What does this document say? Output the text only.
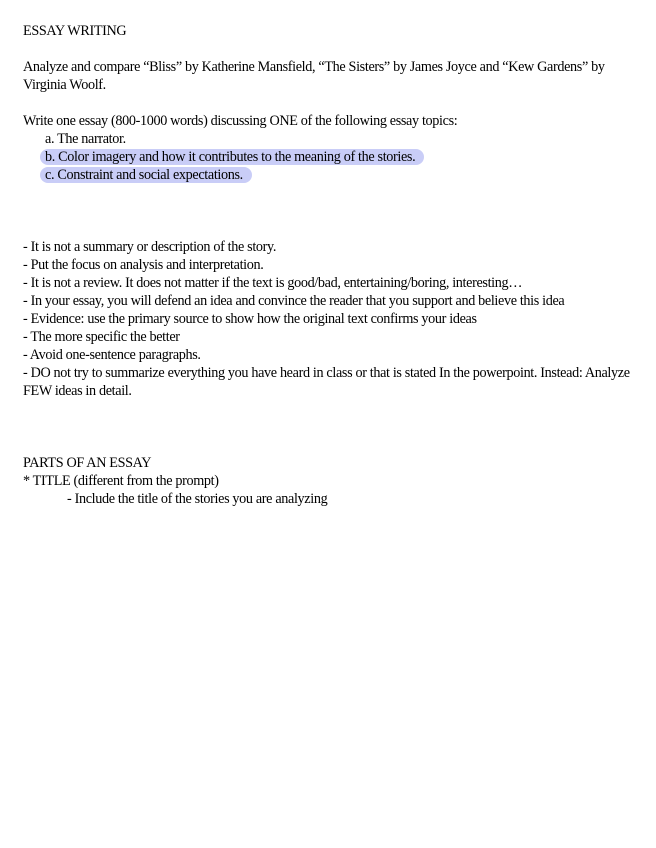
ESSAY WRITING
Analyze and compare “Bliss” by Katherine Mansfield, “The Sisters” by James Joyce and “Kew Gardens” by Virginia Woolf.
Write one essay (800-1000 words) discussing ONE of the following essay topics:
a. The narrator.
b. Color imagery and how it contributes to the meaning of the stories.
c. Constraint and social expectations.
- It is not a summary or description of the story.
- Put the focus on analysis and interpretation.
- It is not a review. It does not matter if the text is good/bad, entertaining/boring, interesting…
- In your essay, you will defend an idea and convince the reader that you support and believe this idea
- Evidence: use the primary source to show how the original text confirms your ideas
- The more specific the better
- Avoid one-sentence paragraphs.
- DO not try to summarize everything you have heard in class or that is stated In the powerpoint. Instead: Analyze FEW ideas in detail.
PARTS OF AN ESSAY
* TITLE (different from the prompt)
- Include the title of the stories you are analyzing
